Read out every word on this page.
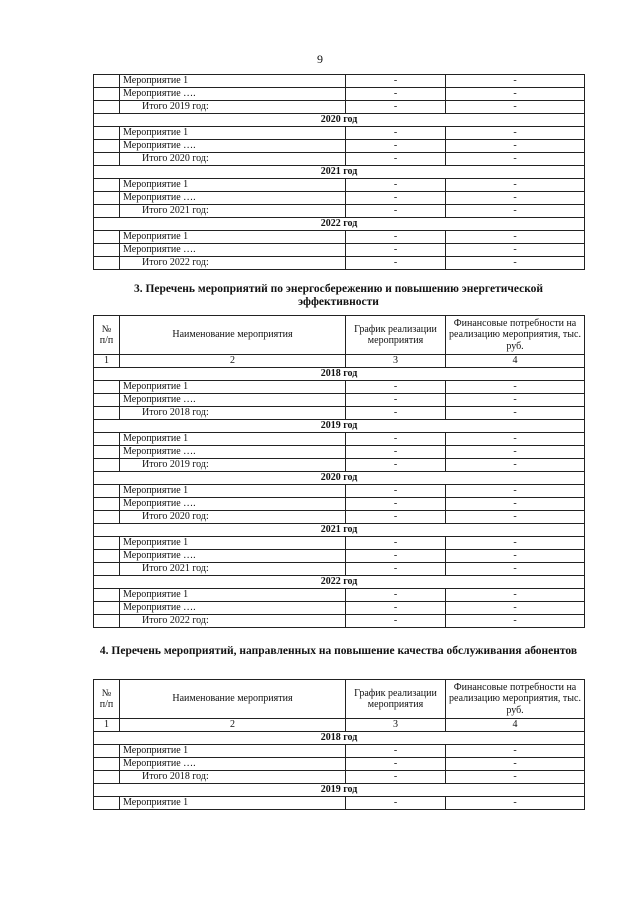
9
	Мероприятие 1	-	-
	Мероприятие ….	-	-
	Итого 2019 год:	-	-
2020 год			
	Мероприятие 1	-	-
	Мероприятие ….	-	-
	Итого 2020 год:	-	-
2021 год			
	Мероприятие 1	-	-
	Мероприятие ….	-	-
	Итого 2021 год:	-	-
2022 год			
	Мероприятие 1	-	-
	Мероприятие ….	-	-
	Итого 2022 год:	-	-
3. Перечень мероприятий по энергосбережению и повышению энергетической эффективности
№ п/п	Наименование мероприятия	График реализации мероприятия	Финансовые потребности на реализацию мероприятия, тыс. руб.
1	2	3	4
2018 год			
	Мероприятие 1	-	-
	Мероприятие ….	-	-
	Итого 2018 год:	-	-
2019 год			
	Мероприятие 1	-	-
	Мероприятие ….	-	-
	Итого 2019 год:	-	-
2020 год			
	Мероприятие 1	-	-
	Мероприятие ….	-	-
	Итого 2020 год:	-	-
2021 год			
	Мероприятие 1	-	-
	Мероприятие ….	-	-
	Итого 2021 год:	-	-
2022 год			
	Мероприятие 1	-	-
	Мероприятие ….	-	-
	Итого 2022 год:	-	-
4. Перечень мероприятий, направленных на повышение качества обслуживания абонентов
№ п/п	Наименование мероприятия	График реализации мероприятия	Финансовые потребности на реализацию мероприятия, тыс. руб.
1	2	3	4
2018 год			
	Мероприятие 1	-	-
	Мероприятие ….	-	-
	Итого 2018 год:	-	-
2019 год			
	Мероприятие 1	-	-
